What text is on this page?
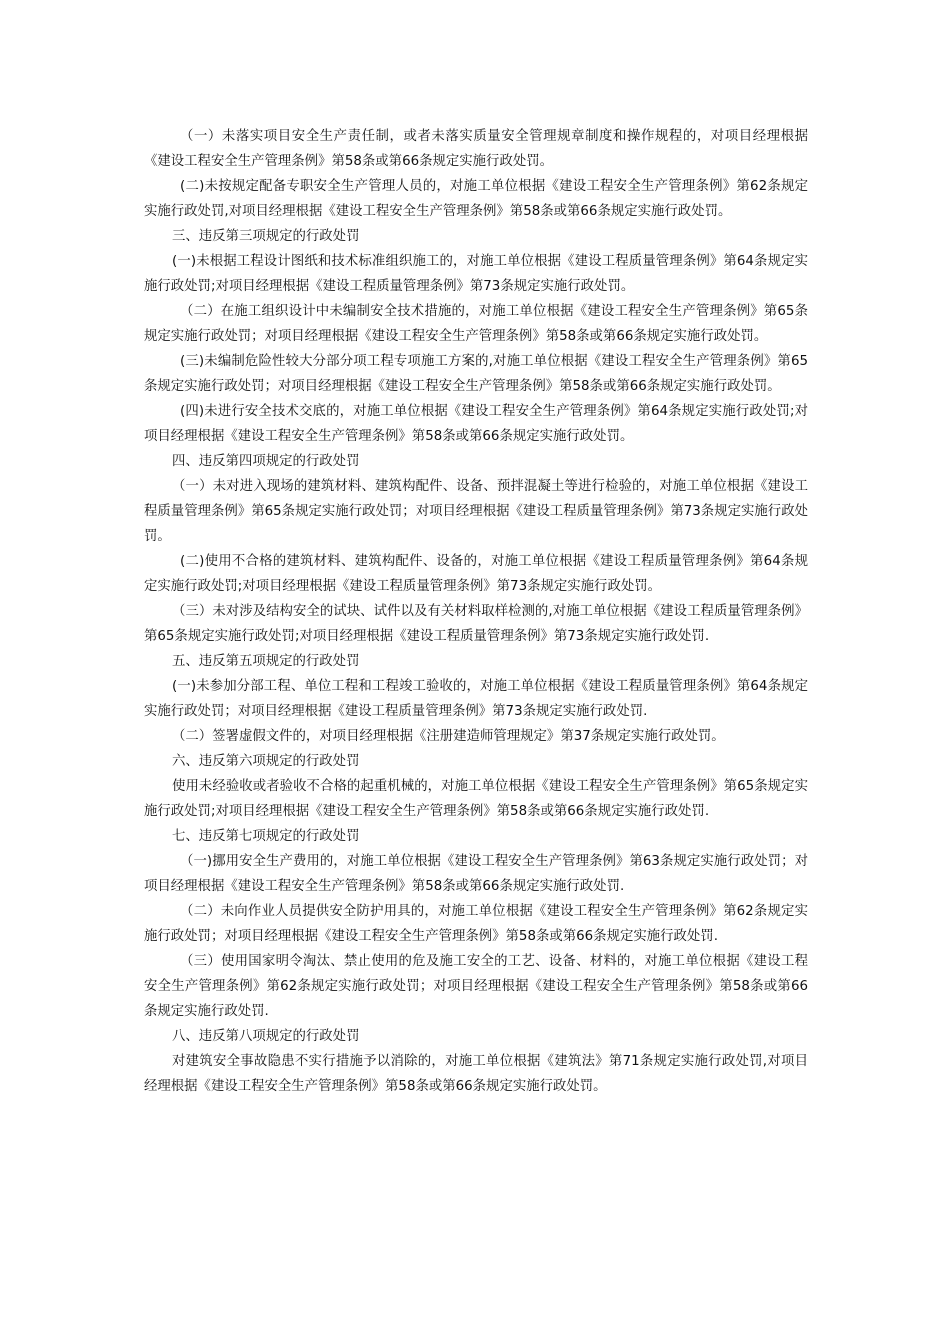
（一）未落实项目安全生产责任制，或者未落实质量安全管理规章制度和操作规程的，对项目经理根据《建设工程安全生产管理条例》第58条或第66条规定实施行政处罚。

(二)未按规定配备专职安全生产管理人员的，对施工单位根据《建设工程安全生产管理条例》第62条规定实施行政处罚,对项目经理根据《建设工程安全生产管理条例》第58条或第66条规定实施行政处罚。

三、违反第三项规定的行政处罚

(一)未根据工程设计图纸和技术标准组织施工的，对施工单位根据《建设工程质量管理条例》第64条规定实施行政处罚;对项目经理根据《建设工程质量管理条例》第73条规定实施行政处罚。

（二）在施工组织设计中未编制安全技术措施的，对施工单位根据《建设工程安全生产管理条例》第65条规定实施行政处罚；对项目经理根据《建设工程安全生产管理条例》第58条或第66条规定实施行政处罚。

(三)未编制危险性较大分部分项工程专项施工方案的,对施工单位根据《建设工程安全生产管理条例》第65条规定实施行政处罚；对项目经理根据《建设工程安全生产管理条例》第58条或第66条规定实施行政处罚。

(四)未进行安全技术交底的，对施工单位根据《建设工程安全生产管理条例》第64条规定实施行政处罚;对项目经理根据《建设工程安全生产管理条例》第58条或第66条规定实施行政处罚。

四、违反第四项规定的行政处罚

（一）未对进入现场的建筑材料、建筑构配件、设备、预拌混凝土等进行检验的，对施工单位根据《建设工程质量管理条例》第65条规定实施行政处罚；对项目经理根据《建设工程质量管理条例》第73条规定实施行政处罚。

(二)使用不合格的建筑材料、建筑构配件、设备的，对施工单位根据《建设工程质量管理条例》第64条规定实施行政处罚;对项目经理根据《建设工程质量管理条例》第73条规定实施行政处罚。

（三）未对涉及结构安全的试块、试件以及有关材料取样检测的,对施工单位根据《建设工程质量管理条例》第65条规定实施行政处罚;对项目经理根据《建设工程质量管理条例》第73条规定实施行政处罚.

五、违反第五项规定的行政处罚

(一)未参加分部工程、单位工程和工程竣工验收的，对施工单位根据《建设工程质量管理条例》第64条规定实施行政处罚；对项目经理根据《建设工程质量管理条例》第73条规定实施行政处罚.

（二）签署虚假文件的，对项目经理根据《注册建造师管理规定》第37条规定实施行政处罚。

六、违反第六项规定的行政处罚

使用未经验收或者验收不合格的起重机械的，对施工单位根据《建设工程安全生产管理条例》第65条规定实施行政处罚;对项目经理根据《建设工程安全生产管理条例》第58条或第66条规定实施行政处罚.

七、违反第七项规定的行政处罚

（一)挪用安全生产费用的，对施工单位根据《建设工程安全生产管理条例》第63条规定实施行政处罚；对项目经理根据《建设工程安全生产管理条例》第58条或第66条规定实施行政处罚.

（二）未向作业人员提供安全防护用具的，对施工单位根据《建设工程安全生产管理条例》第62条规定实施行政处罚；对项目经理根据《建设工程安全生产管理条例》第58条或第66条规定实施行政处罚.

（三）使用国家明令淘汰、禁止使用的危及施工安全的工艺、设备、材料的，对施工单位根据《建设工程安全生产管理条例》第62条规定实施行政处罚；对项目经理根据《建设工程安全生产管理条例》第58条或第66条规定实施行政处罚.

八、违反第八项规定的行政处罚

对建筑安全事故隐患不实行措施予以消除的，对施工单位根据《建筑法》第71条规定实施行政处罚,对项目经理根据《建设工程安全生产管理条例》第58条或第66条规定实施行政处罚。
